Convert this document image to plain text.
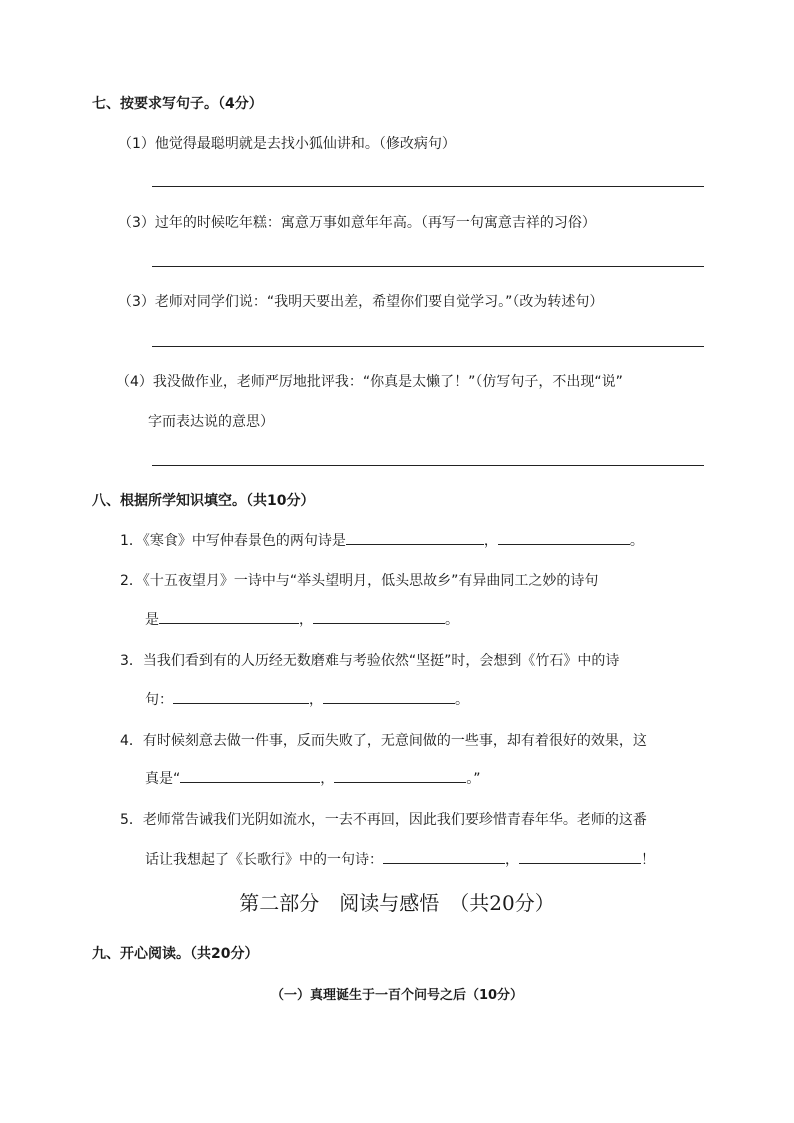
七、按要求写句子。（4分）
（1）他觉得最聪明就是去找小狐仙讲和。（修改病句）
（3）过年的时候吃年糕：寓意万事如意年年高。（再写一句寓意吉祥的习俗）
（3）老师对同学们说：“我明天要出差，希望你们要自觉学习。”（改为转述句）
（4）我没做作业，老师严厉地批评我：“你真是太懒了！”（仿写句子，不出现“说”
字而表达说的意思）
八、根据所学知识填空。（共10分）
1．《寒食》中写仲春景色的两句诗是	，	。
2．《十五夜望月》一诗中与“举头望明月，低头思故乡”有异曲同工之妙的诗句
是	，	。
3．当我们看到有的人历经无数磨难与考验依然“坚挺”时，会想到《竹石》中的诗
句：	，	。
4．有时候刻意去做一件事，反而失败了，无意间做的一些事，却有着很好的效果，这
真是“	，	。”
5．老师常告诫我们光阴如流水，一去不再回，因此我们要珍惜青春年华。老师的这番
话让我想起了《长歌行》中的一句诗：	，	！
第二部分　阅读与感悟　（共20分）
九、开心阅读。（共20分）
（一）真理诞生于一百个问号之后（10分）
